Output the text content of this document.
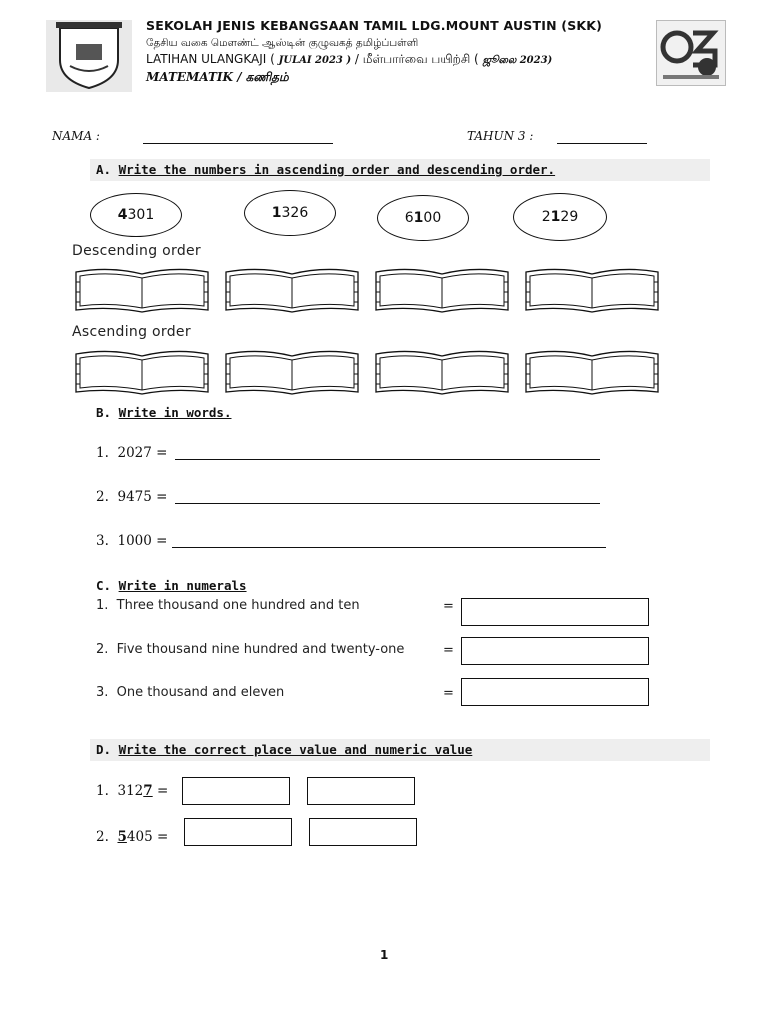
SEKOLAH JENIS KEBANGSAAN TAMIL LDG.MOUNT AUSTIN (SKK)
தேசிய வகை மௌண்ட் ஆஸ்டின் குழுவகத் தமிழ்ப்பள்ளி
LATIHAN ULANGKAJI ( JULAI 2023 ) / மீள்பார்வை பயிற்சி ( ஜூலை 2023)
MATEMATIK / கணிதம்
NAMA :	TAHUN 3 :
A. Write the numbers in ascending order and descending order.
4 301	1 326	6 1 00	2 1 29
Descending order
Ascending order
B. Write in words.
1. 2027 =
2. 9475 =
3. 1000 =
C. Write in numerals
1. Three thousand one hundred and ten	=
2. Five thousand nine hundred and twenty-one	=
3. One thousand and eleven	=
D. Write the correct place value and numeric value
1. 3127 =
2. 5405 =
1
